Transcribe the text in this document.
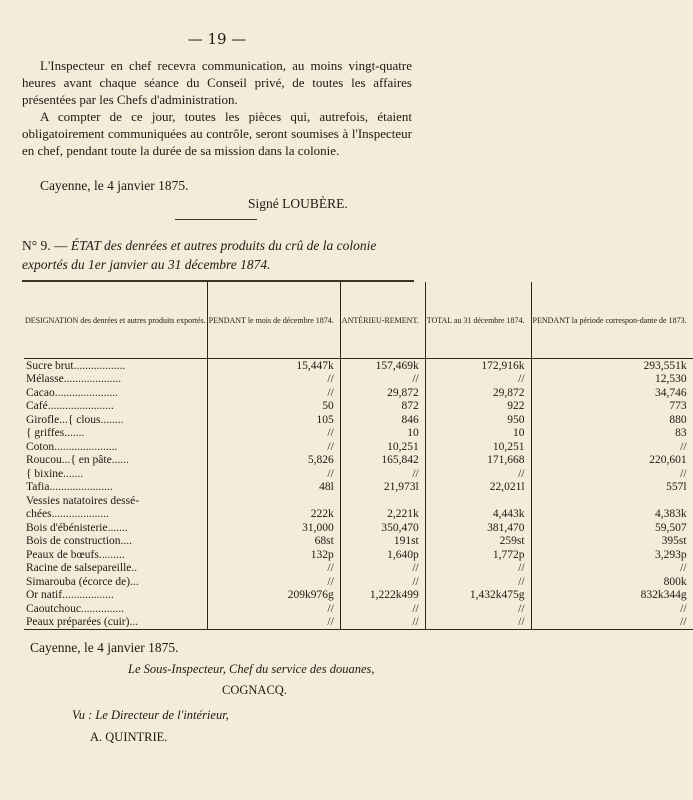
— 19 —
L'Inspecteur en chef recevra communication, au moins vingt-quatre heures avant chaque séance du Conseil privé, de toutes les affaires présentées par les Chefs d'administration.
A compter de ce jour, toutes les pièces qui, autrefois, étaient obligatoirement communiquées au contrôle, seront soumises à l'Inspecteur en chef, pendant toute la durée de sa mission dans la colonie.
Cayenne, le 4 janvier 1875.
Signé LOUBÈRE.
N° 9. — ÉTAT des denrées et autres produits du crû de la colonie exportés du 1er janvier au 31 décembre 1874.
DESIGNATION des denrées et autres produits exportés.	PENDANT le mois de décembre 1874.	ANTÉRIEU-REMENT.	TOTAL au 31 décembre 1874.	PENDANT la période correspon-dante de 1873.
Sucre brut..................	15,447k	157,469k	172,916k	293,551k
Mélasse....................	//	//	//	12,530
Cacao......................	//	29,872	29,872	34,746
Café.......................	50	872	922	773
Girofle...{ clous........	105	846	950	880
{ griffes.......	//	10	10	83
Coton......................	//	10,251	10,251	//
Roucou...{ en pâte......	5,826	165,842	171,668	220,601
{ bixine.......	//	//	//	//
Tafia......................	48l	21,973l	22,021l	557l
Vessies natatoires dessé-				
chées....................	222k	2,221k	4,443k	4,383k
Bois d'ébénisterie.......	31,000	350,470	381,470	59,507
Bois de construction....	68st	191st	259st	395st
Peaux de bœufs.........	132p	1,640p	1,772p	3,293p
Racine de salsepareille..	//	//	//	//
Simarouba (écorce de)...	//	//	//	800k
Or natif..................	209k976g	1,222k499	1,432k475g	832k344g
Caoutchouc...............	//	//	//	//
Peaux préparées (cuir)...	//	//	//	//
Cayenne, le 4 janvier 1875.
Le Sous-Inspecteur, Chef du service des douanes,
COGNACQ.
Vu : Le Directeur de l'intérieur,
A. QUINTRIE.
